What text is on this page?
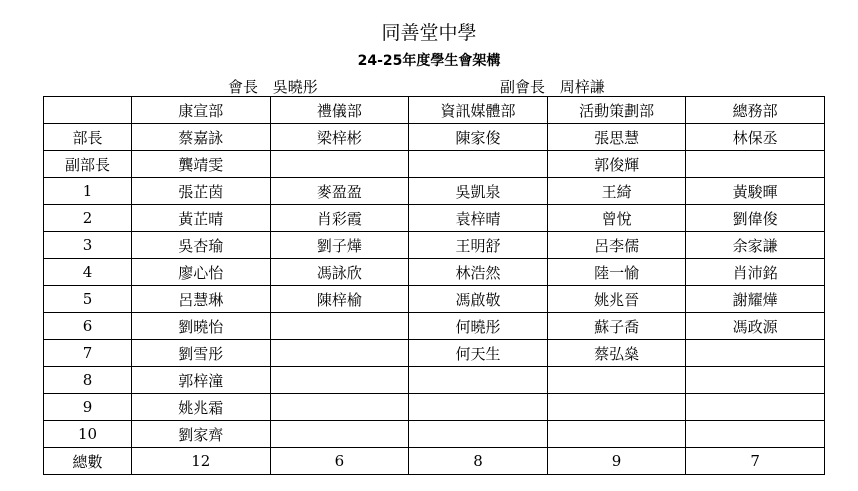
同善堂中學
24-25年度學生會架構
會長 吳曉彤	副會長 周梓謙
	康宣部	禮儀部	資訊媒體部	活動策劃部	總務部
部長	蔡嘉詠	梁梓彬	陳家俊	張思慧	林保丞
副部長	龔靖雯			郭俊輝	
1	張芷茵	麥盈盈	吳凱泉	王綺	黃駿暉
2	黃芷晴	肖彩霞	袁梓晴	曾悅	劉偉俊
3	吳杏瑜	劉子燁	王明舒	呂李儒	余家謙
4	廖心怡	馮詠欣	林浩然	陸一愉	肖沛銘
5	呂慧琳	陳梓榆	馮啟敬	姚兆晉	謝耀燁
6	劉曉怡		何曉彤	蘇子喬	馮政源
7	劉雪彤		何天生	蔡弘燊	
8	郭梓潼				
9	姚兆霜				
10	劉家齊				
總數	12	6	8	9	7
